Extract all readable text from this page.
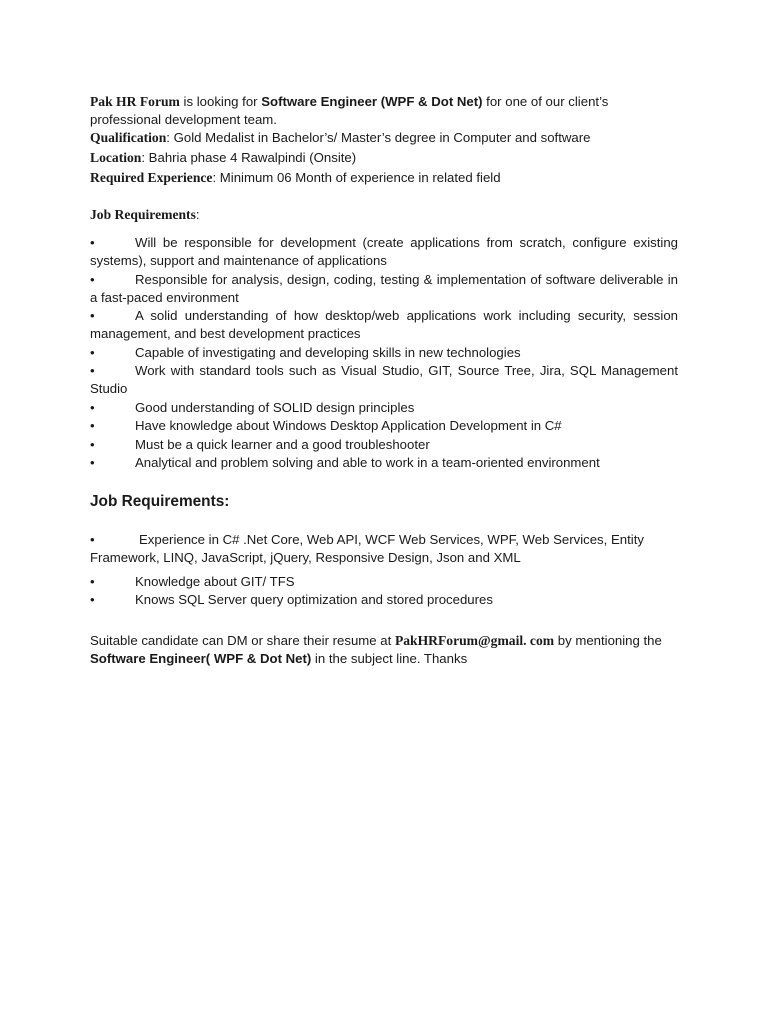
Pak HR Forum is looking for Software Engineer (WPF & Dot Net) for one of our client’s professional development team.

Qualification: Gold Medalist in Bachelor’s/ Master’s degree in Computer and software

Location: Bahria phase 4 Rawalpindi (Onsite)

Required Experience: Minimum 06 Month of experience in related field

Job Requirements:

•	Will be responsible for development (create applications from scratch, configure existing systems), support and maintenance of applications
•	Responsible for analysis, design, coding, testing & implementation of software deliverable in a fast-paced environment
•	A solid understanding of how desktop/web applications work including security, session management, and best development practices
•	Capable of investigating and developing skills in new technologies
•	Work with standard tools such as Visual Studio, GIT, Source Tree, Jira, SQL Management Studio
•	Good understanding of SOLID design principles
•	Have knowledge about Windows Desktop Application Development in C#
•	Must be a quick learner and a good troubleshooter
•	Analytical and problem solving and able to work in a team-oriented environment

Job Requirements:

•	Experience in C# .Net Core, Web API, WCF Web Services, WPF, Web Services, Entity Framework, LINQ, JavaScript, jQuery, Responsive Design, Json and XML
•	Knowledge about GIT/ TFS
•	Knows SQL Server query optimization and stored procedures

Suitable candidate can DM or share their resume at PakHRForum@gmail. com by mentioning the Software Engineer( WPF & Dot Net) in the subject line. Thanks
